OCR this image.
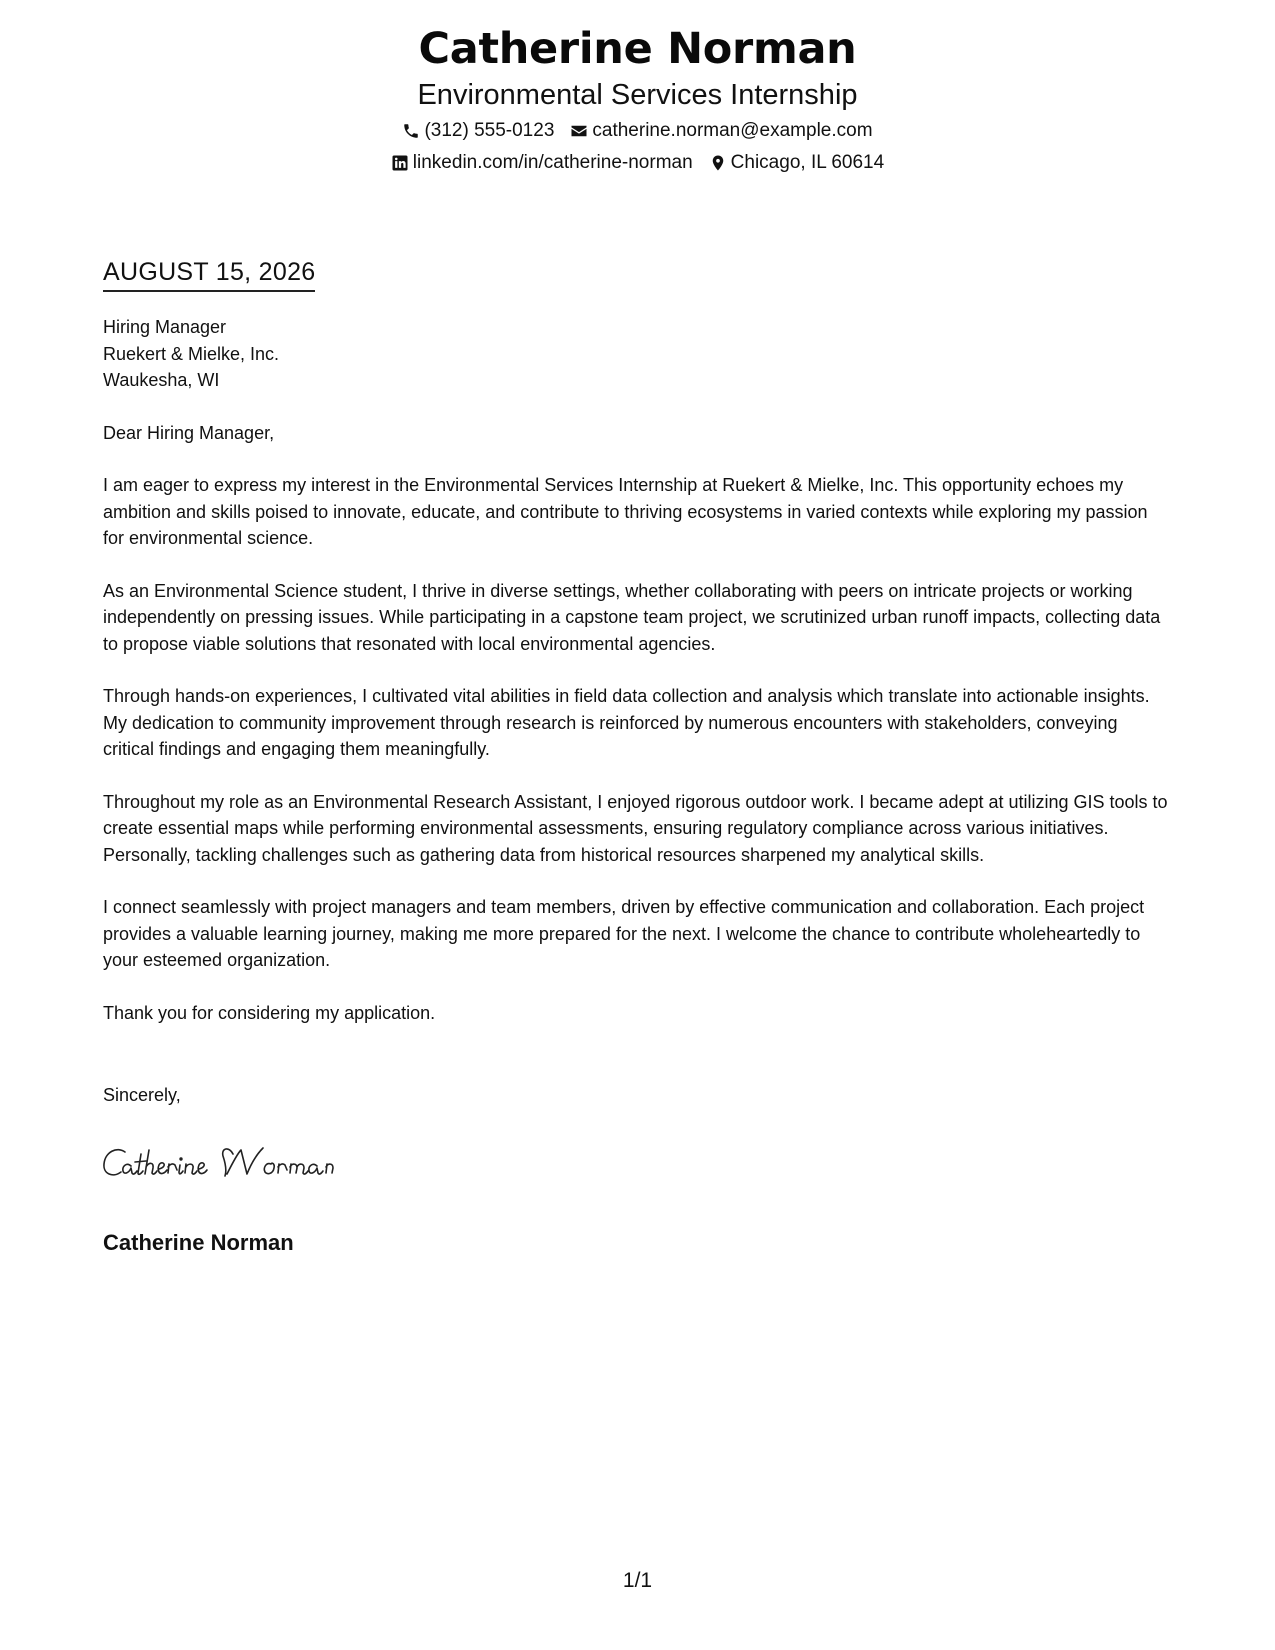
Catherine Norman
Environmental Services Internship
(312) 555-0123 catherine.norman@example.com
linkedin.com/in/catherine-norman Chicago, IL 60614
AUGUST 15, 2026
Hiring Manager
Ruekert & Mielke, Inc.
Waukesha, WI

Dear Hiring Manager,

I am eager to express my interest in the Environmental Services Internship at Ruekert & Mielke, Inc. This opportunity echoes my ambition and skills poised to innovate, educate, and contribute to thriving ecosystems in varied contexts while exploring my passion for environmental science.

As an Environmental Science student, I thrive in diverse settings, whether collaborating with peers on intricate projects or working independently on pressing issues. While participating in a capstone team project, we scrutinized urban runoff impacts, collecting data to propose viable solutions that resonated with local environmental agencies.

Through hands-on experiences, I cultivated vital abilities in field data collection and analysis which translate into actionable insights. My dedication to community improvement through research is reinforced by numerous encounters with stakeholders, conveying critical findings and engaging them meaningfully.

Throughout my role as an Environmental Research Assistant, I enjoyed rigorous outdoor work. I became adept at utilizing GIS tools to create essential maps while performing environmental assessments, ensuring regulatory compliance across various initiatives. Personally, tackling challenges such as gathering data from historical resources sharpened my analytical skills.

I connect seamlessly with project managers and team members, driven by effective communication and collaboration. Each project provides a valuable learning journey, making me more prepared for the next. I welcome the chance to contribute wholeheartedly to your esteemed organization.

Thank you for considering my application.

Sincerely,
Catherine Norman
1/1
